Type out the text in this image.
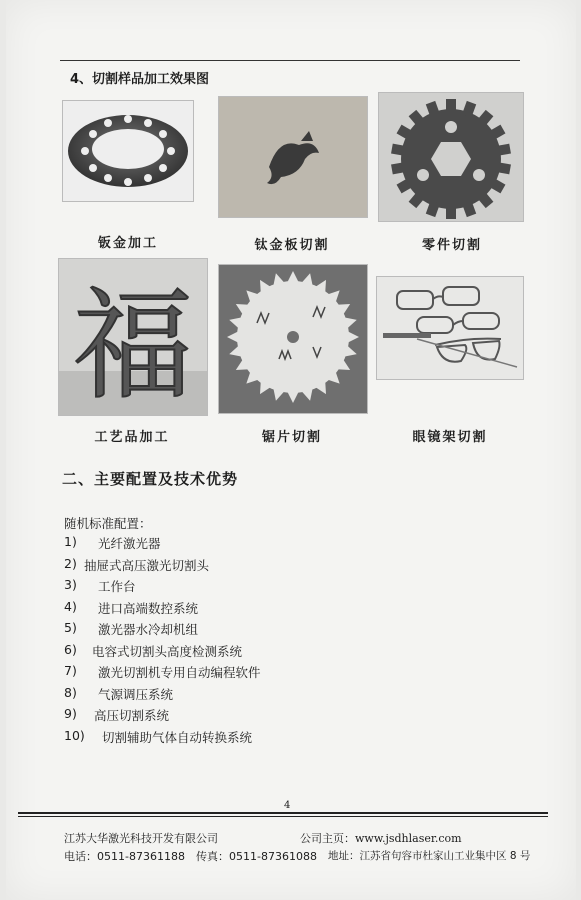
4、切割样品加工效果图
钣金加工	钛金板切割	零件切割
福
工艺品加工	锯片切割	眼镜架切割
二、主要配置及技术优势
随机标准配置：
1)	光纤激光器
2) 抽屉式高压激光切割头
3)	工作台
4)	进口高端数控系统
5)	激光器水冷却机组
6)	电容式切割头高度检测系统
7)	激光切割机专用自动编程软件
8)	气源调压系统
9)	高压切割系统
10)	切割辅助气体自动转换系统
4
江苏大华激光科技开发有限公司	公司主页：www.jsdhlaser.com
电话：0511-87361188 传真：0511-87361088 地址：江苏省句容市杜家山工业集中区 8 号
